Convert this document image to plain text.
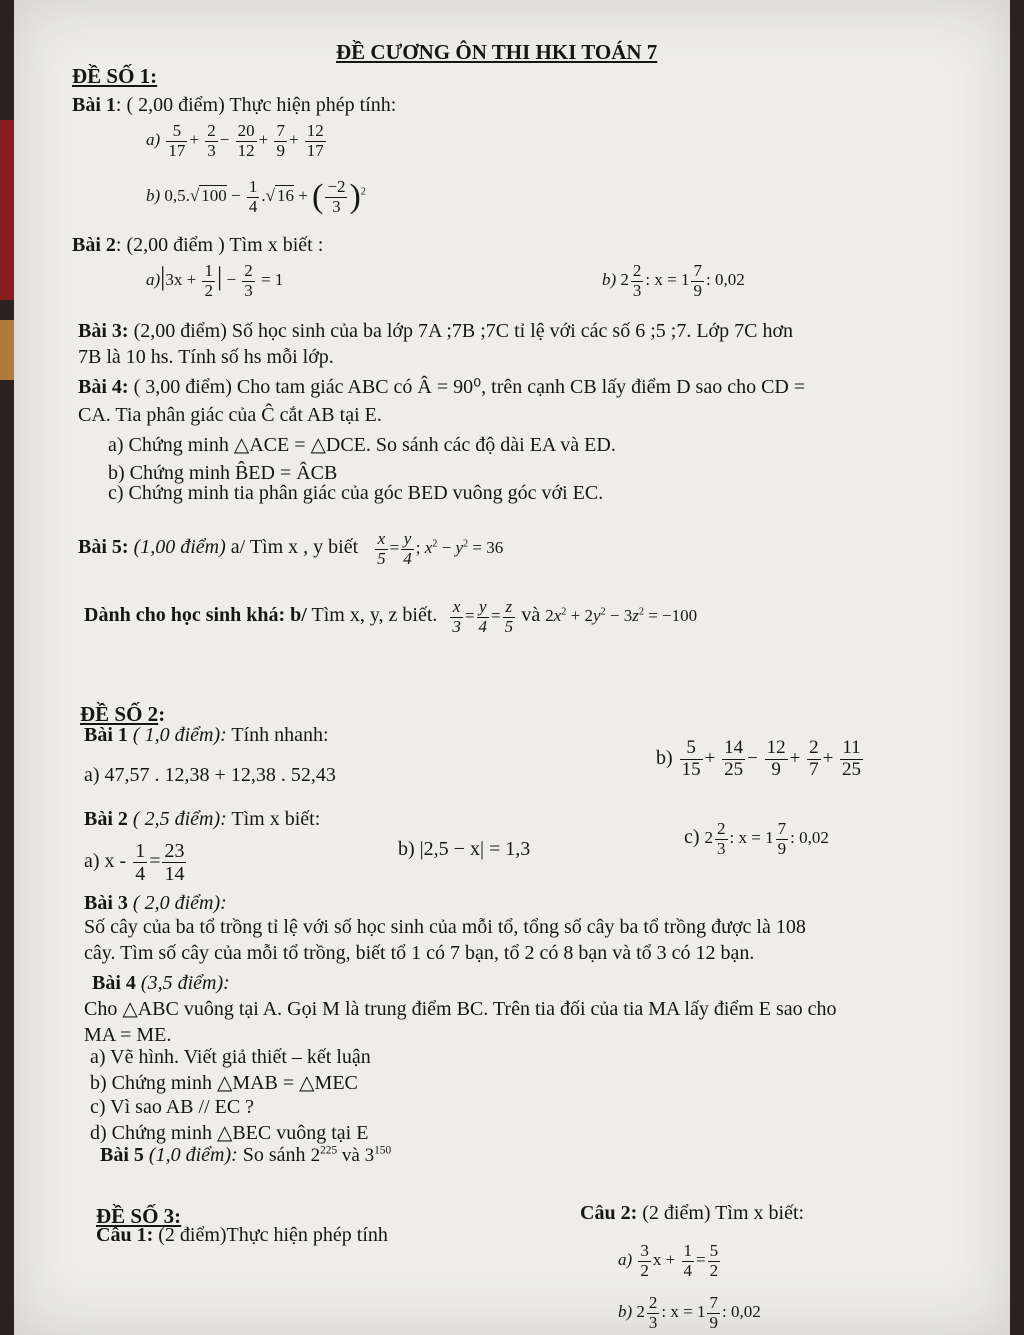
ĐỀ CƯƠNG ÔN THI HKI TOÁN 7
ĐỀ SỐ 1:
Bài 1: ( 2,00 điểm) Thực hiện phép tính:
$a) \frac{5}{17} + \frac{2}{3} - \frac{20}{12} + \frac{7}{9} + \frac{12}{17}$
b) 0,5.√ $100 - \frac{1}{4}$ .√ 16 + ( $\frac{-2}{3} )^2$
Bài 2: (2,00 điểm ) Tìm x biết :
$a)|3x + \frac{1}{2}$ | − $\frac{2}{3} = 1$	b) $2 \frac{2}{3}$ : $x = 1 \frac{7}{9}$ : 0,02
Bài 3: (2,00 điểm) Số học sinh của ba lớp 7A ;7B ;7C tỉ lệ với các số 6 ;5 ;7. Lớp 7C hơn
7B là 10 hs. Tính số hs mỗi lớp.
Bài 4: ( 3,00 điểm) Cho tam giác ABC có Â = 90⁰, trên cạnh CB lấy điểm D sao cho CD =
CA. Tia phân giác của Ĉ cắt AB tại E.
a) Chứng minh △ACE = △DCE. So sánh các độ dài EA và ED.
b) Chứng minh B̂ED = ÂCB
c) Chứng minh tia phân giác của góc BED vuông góc với EC.
Bài 5: (1,00 điểm) a/ Tìm x , y biết $\frac{x}{5} = \frac{y}{4}$ ; $x^2 - y^2 = 36$
Dành cho học sinh khá: b/ Tìm x, y, z biết. $\frac{x}{3} = \frac{y}{4} = \frac{z}{5}$ và $2x^2 + 2y^2 - 3z^2 = -100$
ĐỀ SỐ 2:
Bài 1 ( 1,0 điểm): Tính nhanh:
a) 47,57 . 12,38 + 12,38 . 52,43
$b) \frac{5}{15} + \frac{14}{25} - \frac{12}{9} + \frac{2}{7} + \frac{11}{25}$
Bài 2 ( 2,5 điểm): Tìm x biết:
a) $x - \frac{1}{4} = \frac{23}{14}$	b) |2,5 − x| = 1,3
c) $2 \frac{2}{3}$ : $x = 1 \frac{7}{9}$ : 0,02
Bài 3 ( 2,0 điểm):
Số cây của ba tổ trồng tỉ lệ với số học sinh của mỗi tổ, tổng số cây ba tổ trồng được là 108
cây. Tìm số cây của mỗi tổ trồng, biết tổ 1 có 7 bạn, tổ 2 có 8 bạn và tổ 3 có 12 bạn.
Bài 4 (3,5 điểm):
Cho △ABC vuông tại A. Gọi M là trung điểm BC. Trên tia đối của tia MA lấy điểm E sao cho
MA = ME.
a) Vẽ hình. Viết giả thiết – kết luận
b) Chứng minh △MAB = △MEC
c) Vì sao AB // EC ?
d) Chứng minh △BEC vuông tại E
Bài 5 (1,0 điểm): So sánh $2^{225}$ và $3^{150}$
ĐỀ SỐ 3:
Câu 1: (2 điểm)Thực hiện phép tính
Câu 2: (2 điểm) Tìm x biết:
$a) \frac{3}{2}$ $x + \frac{1}{4} = \frac{5}{2}$
b) $2 \frac{2}{3}$ : $x = 1 \frac{7}{9}$ : 0,02
